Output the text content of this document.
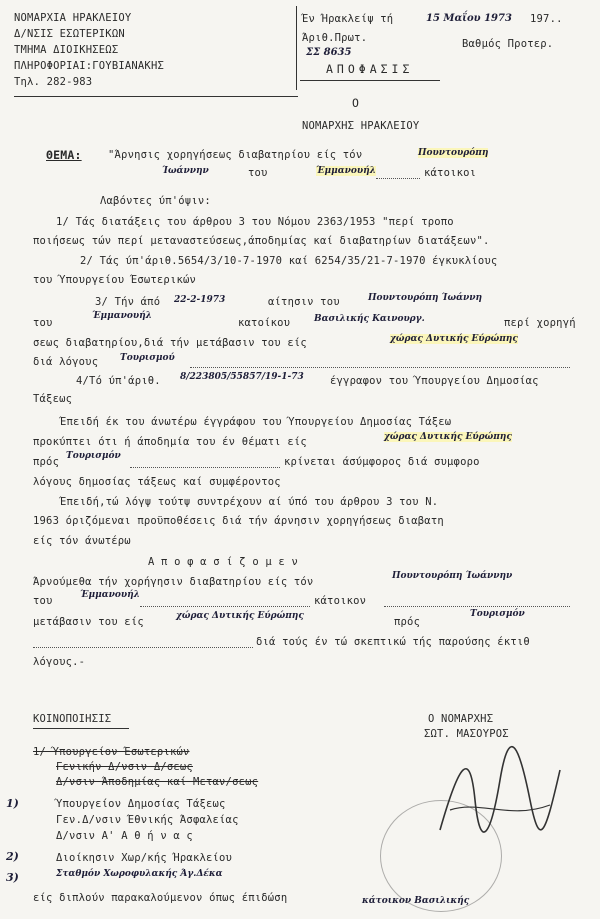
ΝΟΜΑΡΧΙΑ ΗΡΑΚΛΕΙΟΥ
Δ/ΝΣΙΣ ΕΣΩΤΕΡΙΚΩΝ
ΤΜΗΜΑ ΔΙΟΙΚΗΣΕΩΣ
ΠΛΗΡΟΦΟΡΙΑΙ:ΓΟΥΒΙΑΝΑΚΗΣ
Τηλ. 282-983
Έν Ήρακλείψ τή	15 Μαΐου 1973 197..
Άριθ.Πρωτ.
ΣΣ 8635
Βαθμός Προτερ.
ΑΠΟΦΑΣΙΣ
Ο
ΝΟΜΑΡΧΗΣ ΗΡΑΚΛΕΙΟΥ
ΘΕΜΑ:	"Άρνησις χορηγήσεως διαβατηρίου είς τόν	Πουντουρόπη
Ίωάννην	του	Έμμανουήλ	κάτοικοι
Λαβόντες ύπ'όψιν:
1/ Τάς διατάξεις του άρθρου 3 του Νόμου 2363/1953 "περί τροπο
ποιήσεως τών περί μεταναστεύσεως,άποδημίας καί διαβατηρίων διατάξεων".
2/ Τάς ύπ'άριθ.5654/3/10-7-1970 καί 6254/35/21-7-1970 έγκυκλίους
του Ύπουργείου Έσωτερικών
3/ Τήν άπό 22-2-1973	αίτησιν του	Πουντουρόπη Ίωάννη
του
Έμμανουήλ
κατοίκου	Βασιλικής Καινουργ.	περί χορηγή
σεως διαβατηρίου,διά τήν μετάβασιν του είς	χώρας Δυτικής Εύρώπης
διά λόγους Τουρισμού
4/Τό ύπ'άριθ. 8/223805/55857/19-1-73 έγγραφον του Ύπουργείου Δημοσίας
Τάξεως
Έπειδή έκ του άνωτέρω έγγράφου του Ύπουργείου Δημοσίας Τάξεω
προκύπτει ότι ή άποδημία του έν θέματι είς	χώρας Δυτικής Εύρώπης
πρός Τουρισμόν	κρίνεται άσύμφορος διά συμφορο
λόγους δημοσίας τάξεως καί συμφέροντος
Έπειδή,τώ λόγψ τούτψ συντρέχουν αί ύπό του άρθρου 3 του Ν.
1963 όριζόμεναι προϋποθέσεις διά τήν άρνησιν χορηγήσεως διαβατη
είς τόν άνωτέρω
Α π ο φ α σ ί ζ ο μ ε ν
Άρνούμεθα τήν χορήγησιν διαβατηρίου είς τόν	Πουντουρόπη Ίωάννην
του	Έμμανουήλ	κάτοικον
μετάβασιν του είς	χώρας Δυτικής Εύρώπης	πρός
Τουρισμόν
διά τούς έν τώ σκεπτικώ τής παρούσης έκτιθ
λόγους.-
ΚΟΙΝΟΠΟΙΗΣΙΣ	Ο ΝΟΜΑΡΧΗΣ
ΣΩΤ. ΜΑΣΟΥΡΟΣ
1/ Ύπουργείον Έσωτερικών
Γενικήν Δ/νσιν Δ/σεως
Δ/νσιν Άποδημίας καί Μεταν/σεως
1)	Ύπουργείον Δημοσίας Τάξεως
Γεν.Δ/νσιν Έθνικής Άσφαλείας
Δ/νσιν Α' Α θ ή ν α ς
2)	Διοίκησιν Χωρ/κής Ήρακλείου
3)	Σταθμόν Χωροφυλακής Άγ.Δέκα
είς διπλούν παρακαλούμενον όπως έπιδώση	κάτοικον Βασιλικής
